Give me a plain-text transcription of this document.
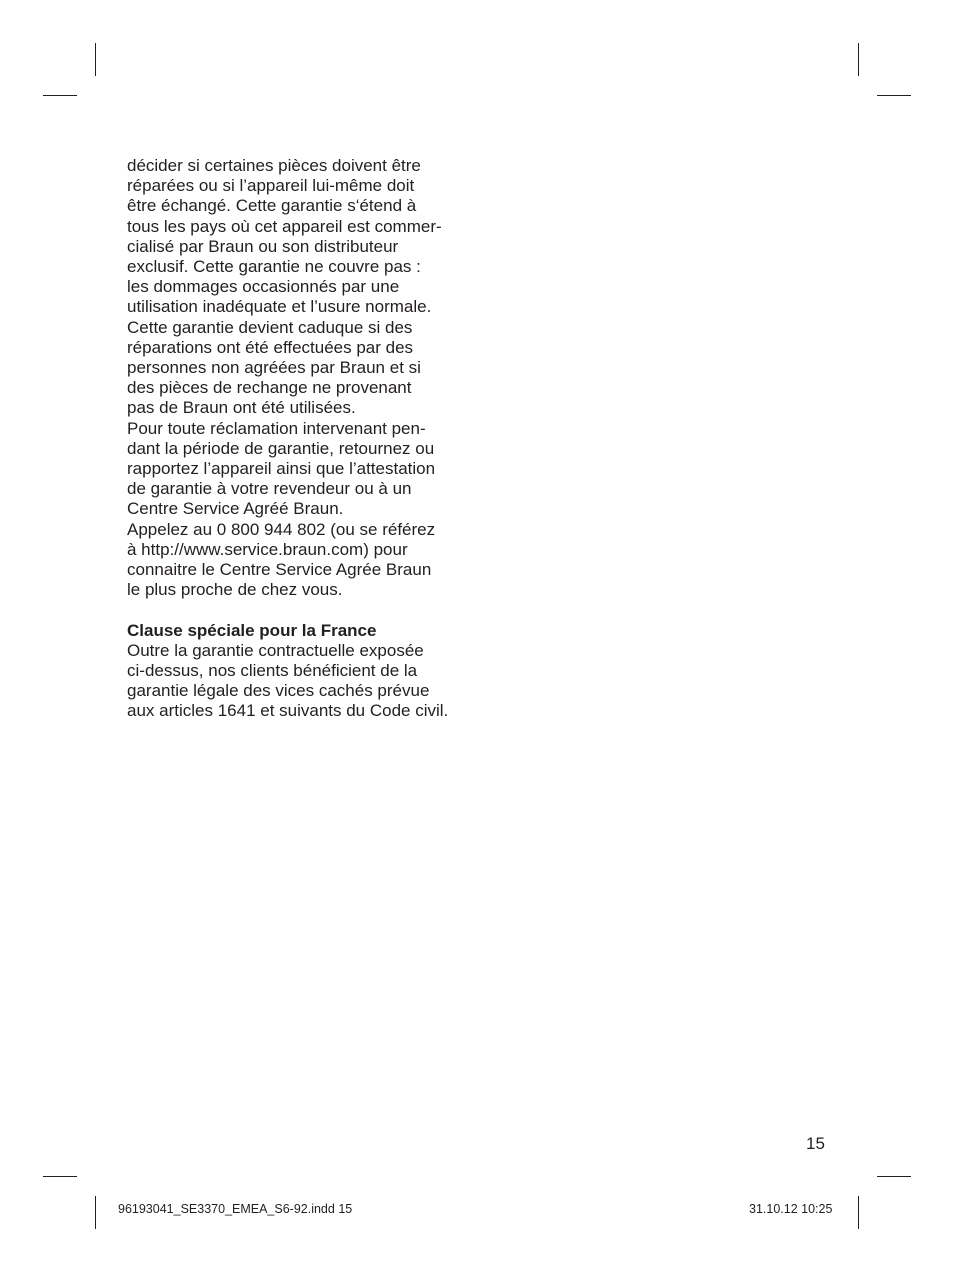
décider si certaines pièces doivent être
réparées ou si l’appareil lui-même doit
être échangé. Cette garantie s‘étend à
tous les pays où cet appareil est commer-
cialisé par Braun ou son distributeur
exclusif. Cette garantie ne couvre pas :
les dommages occasionnés par une
utilisation inadéquate et l’usure normale.
Cette garantie devient caduque si des
réparations ont été effectuées par des
personnes non agréées par Braun et si
des pièces de rechange ne provenant
pas de Braun ont été utilisées.
Pour toute réclamation intervenant pen-
dant la période de garantie, retournez ou
rapportez l’appareil ainsi que l’attestation
de garantie à votre revendeur ou à un
Centre Service Agréé Braun.
Appelez au 0 800 944 802 (ou se référez
à http://www.service.braun.com) pour
connaitre le Centre Service Agrée Braun
le plus proche de chez vous.
Clause spéciale pour la France
Outre la garantie contractuelle exposée
ci-dessus, nos clients bénéficient de la
garantie légale des vices cachés prévue
aux articles 1641 et suivants du Code civil.
15
96193041_SE3370_EMEA_S6-92.indd 15	31.10.12 10:25
